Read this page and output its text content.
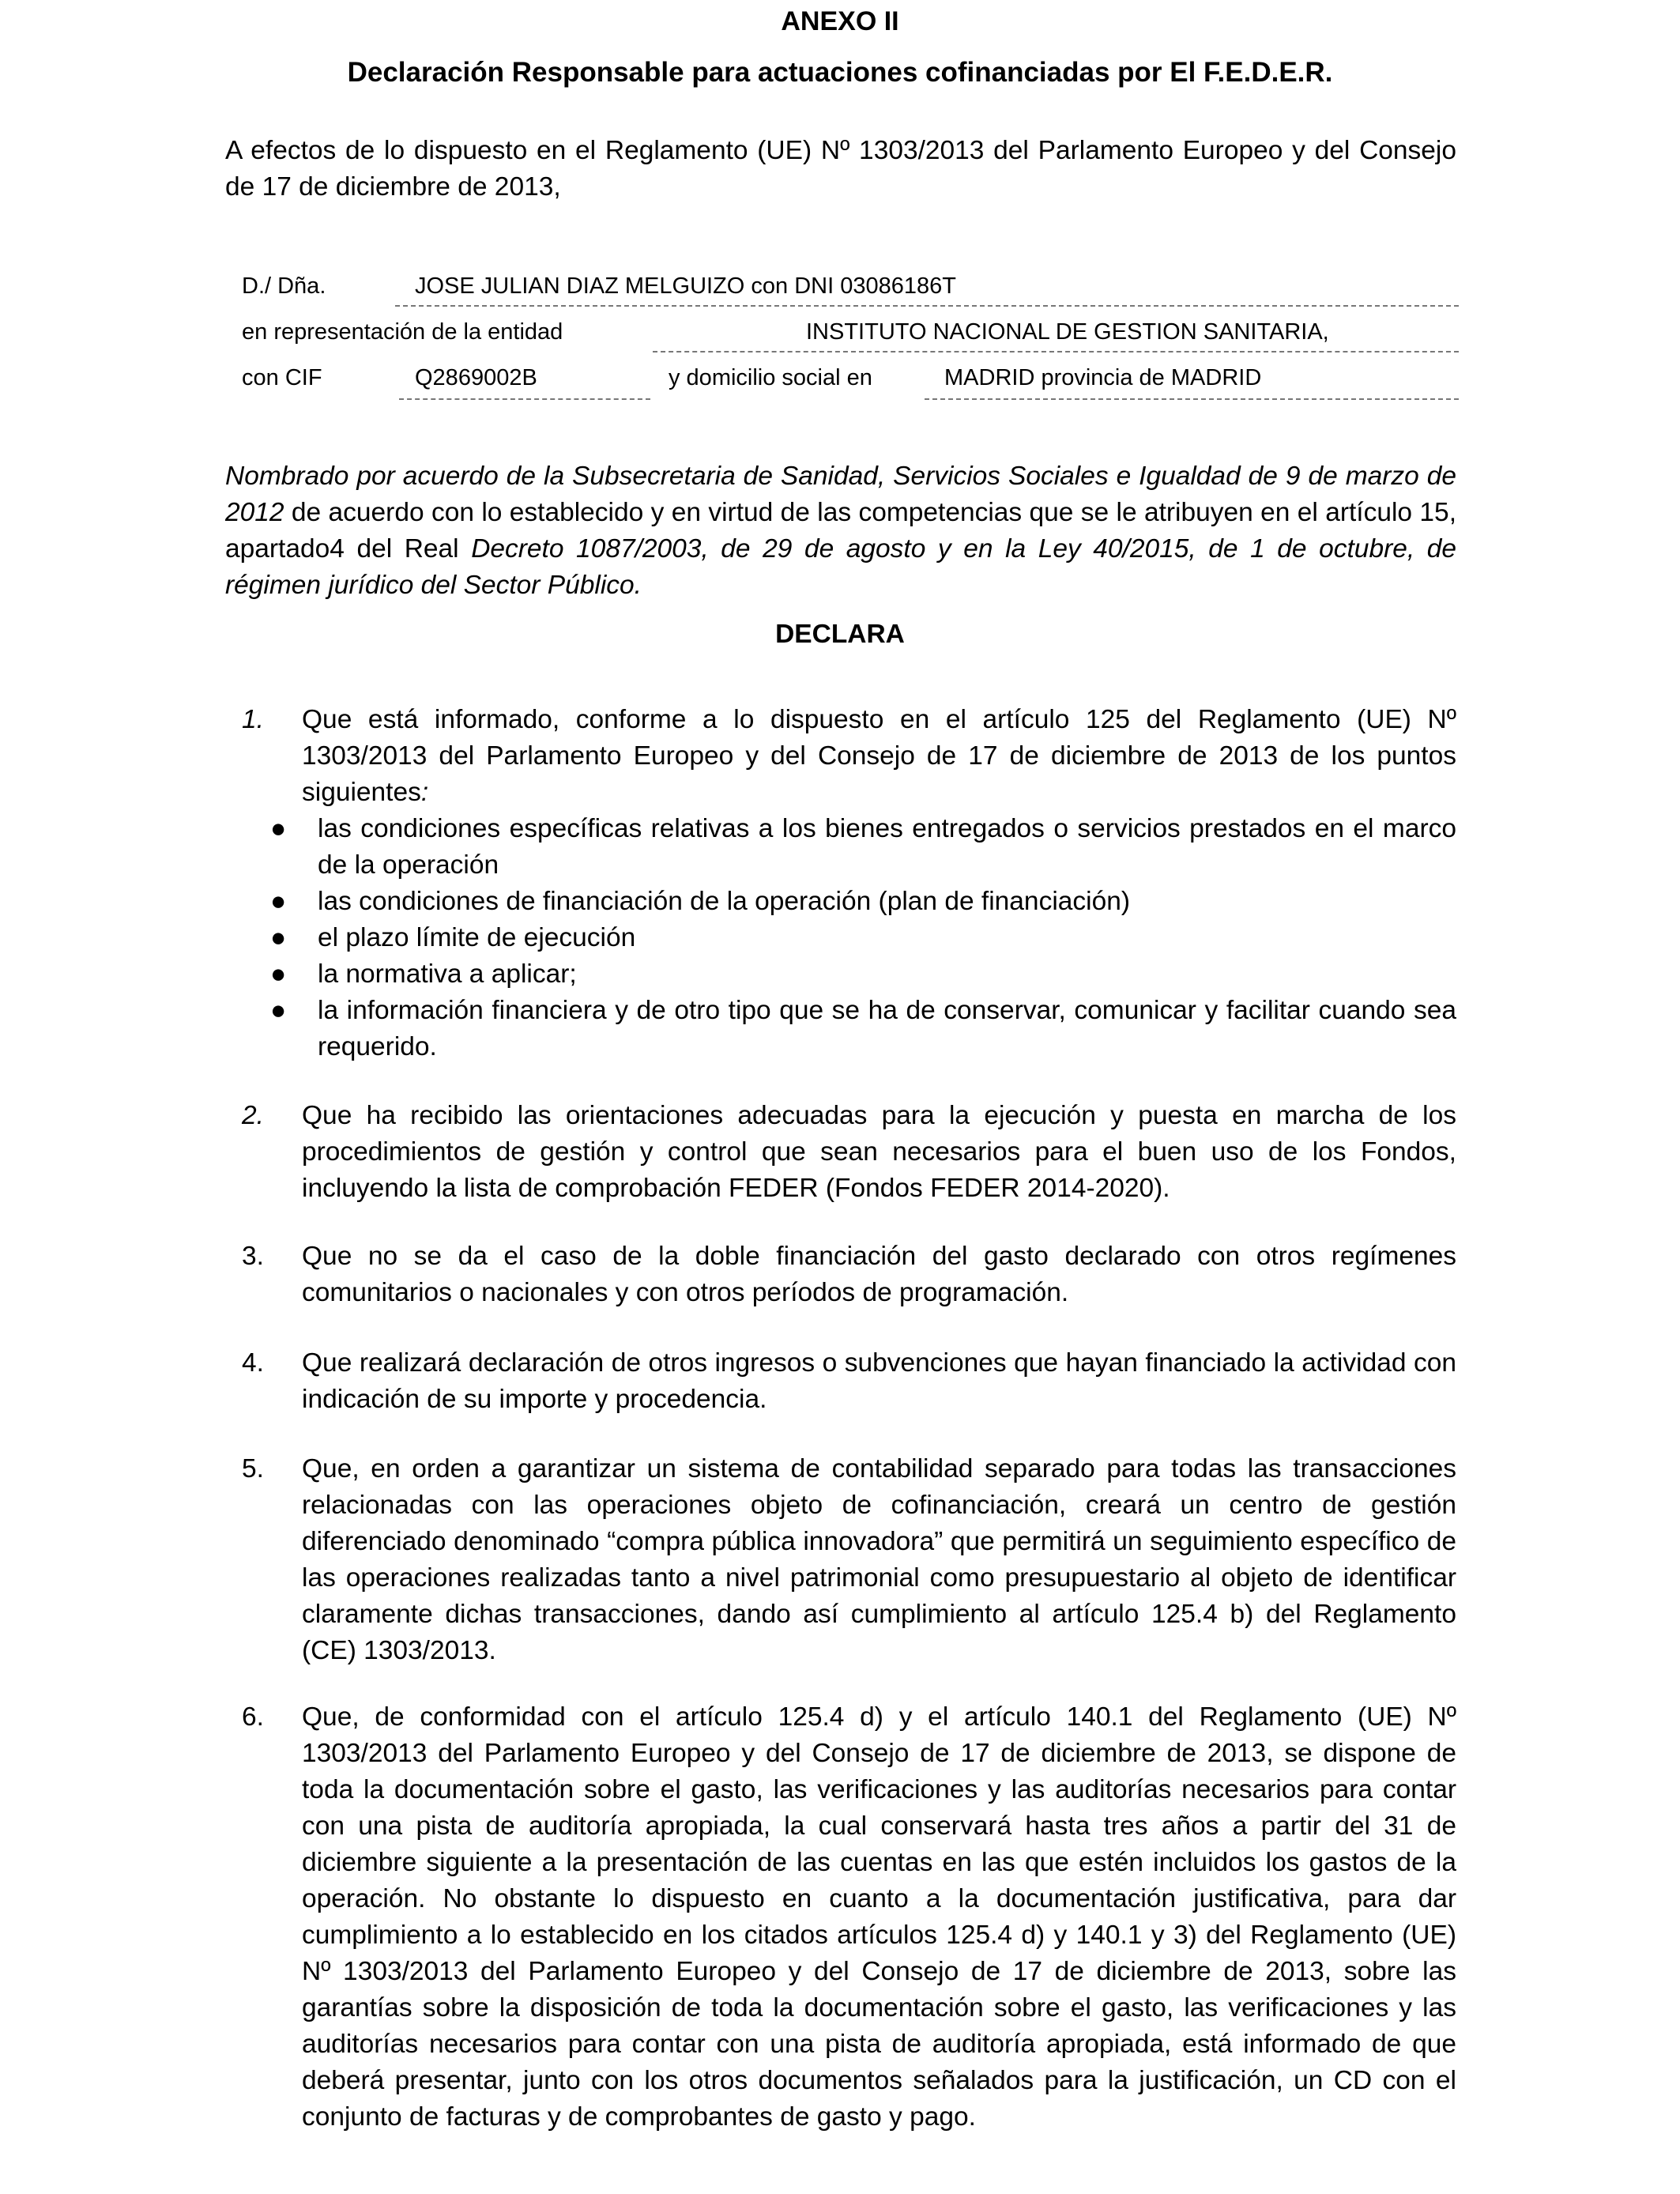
ANEXO II
Declaración Responsable para actuaciones cofinanciadas por El F.E.D.E.R.
A efectos de lo dispuesto en el Reglamento (UE) Nº 1303/2013 del Parlamento Europeo y del Consejo de 17 de diciembre de 2013,
D./ Dña.	JOSE JULIAN DIAZ MELGUIZO con DNI 03086186T
en representación de la entidad	INSTITUTO NACIONAL DE GESTION SANITARIA,
con CIF	Q2869002B	y domicilio social en	MADRID provincia de MADRID
Nombrado por acuerdo de la Subsecretaria de Sanidad, Servicios Sociales e Igualdad de 9 de marzo de 2012 de acuerdo con lo establecido y en virtud de las competencias que se le atribuyen en el artículo 15, apartado4 del Real Decreto 1087/2003, de 29 de agosto y en la Ley 40/2015, de 1 de octubre, de régimen jurídico del Sector Público.
DECLARA
1.	Que está informado, conforme a lo dispuesto en el artículo 125 del Reglamento (UE) Nº 1303/2013 del Parlamento Europeo y del Consejo de 17 de diciembre de 2013 de los puntos siguientes:
● las condiciones específicas relativas a los bienes entregados o servicios prestados en el marco de la operación
● las condiciones de financiación de la operación (plan de financiación)
● el plazo límite de ejecución
● la normativa a aplicar;
● la información financiera y de otro tipo que se ha de conservar, comunicar y facilitar cuando sea requerido.
2.	Que ha recibido las orientaciones adecuadas para la ejecución y puesta en marcha de los procedimientos de gestión y control que sean necesarios para el buen uso de los Fondos, incluyendo la lista de comprobación FEDER (Fondos FEDER 2014-2020).
3.	Que no se da el caso de la doble financiación del gasto declarado con otros regímenes comunitarios o nacionales y con otros períodos de programación.
4.	Que realizará declaración de otros ingresos o subvenciones que hayan financiado la actividad con indicación de su importe y procedencia.
5.	Que, en orden a garantizar un sistema de contabilidad separado para todas las transacciones relacionadas con las operaciones objeto de cofinanciación, creará un centro de gestión diferenciado denominado “compra pública innovadora” que permitirá un seguimiento específico de las operaciones realizadas tanto a nivel patrimonial como presupuestario al objeto de identificar claramente dichas transacciones, dando así cumplimiento al artículo 125.4 b) del Reglamento (CE) 1303/2013.
6.	Que, de conformidad con el artículo 125.4 d) y el artículo 140.1 del Reglamento (UE) Nº 1303/2013 del Parlamento Europeo y del Consejo de 17 de diciembre de 2013, se dispone de toda la documentación sobre el gasto, las verificaciones y las auditorías necesarios para contar con una pista de auditoría apropiada, la cual conservará hasta tres años a partir del 31 de diciembre siguiente a la presentación de las cuentas en las que estén incluidos los gastos de la operación. No obstante lo dispuesto en cuanto a la documentación justificativa, para dar cumplimiento a lo establecido en los citados artículos 125.4 d) y 140.1 y 3) del Reglamento (UE) Nº 1303/2013 del Parlamento Europeo y del Consejo de 17 de diciembre de 2013, sobre las garantías sobre la disposición de toda la documentación sobre el gasto, las verificaciones y las auditorías necesarios para contar con una pista de auditoría apropiada, está informado de que deberá presentar, junto con los otros documentos señalados para la justificación, un CD con el conjunto de facturas y de comprobantes de gasto y pago.
